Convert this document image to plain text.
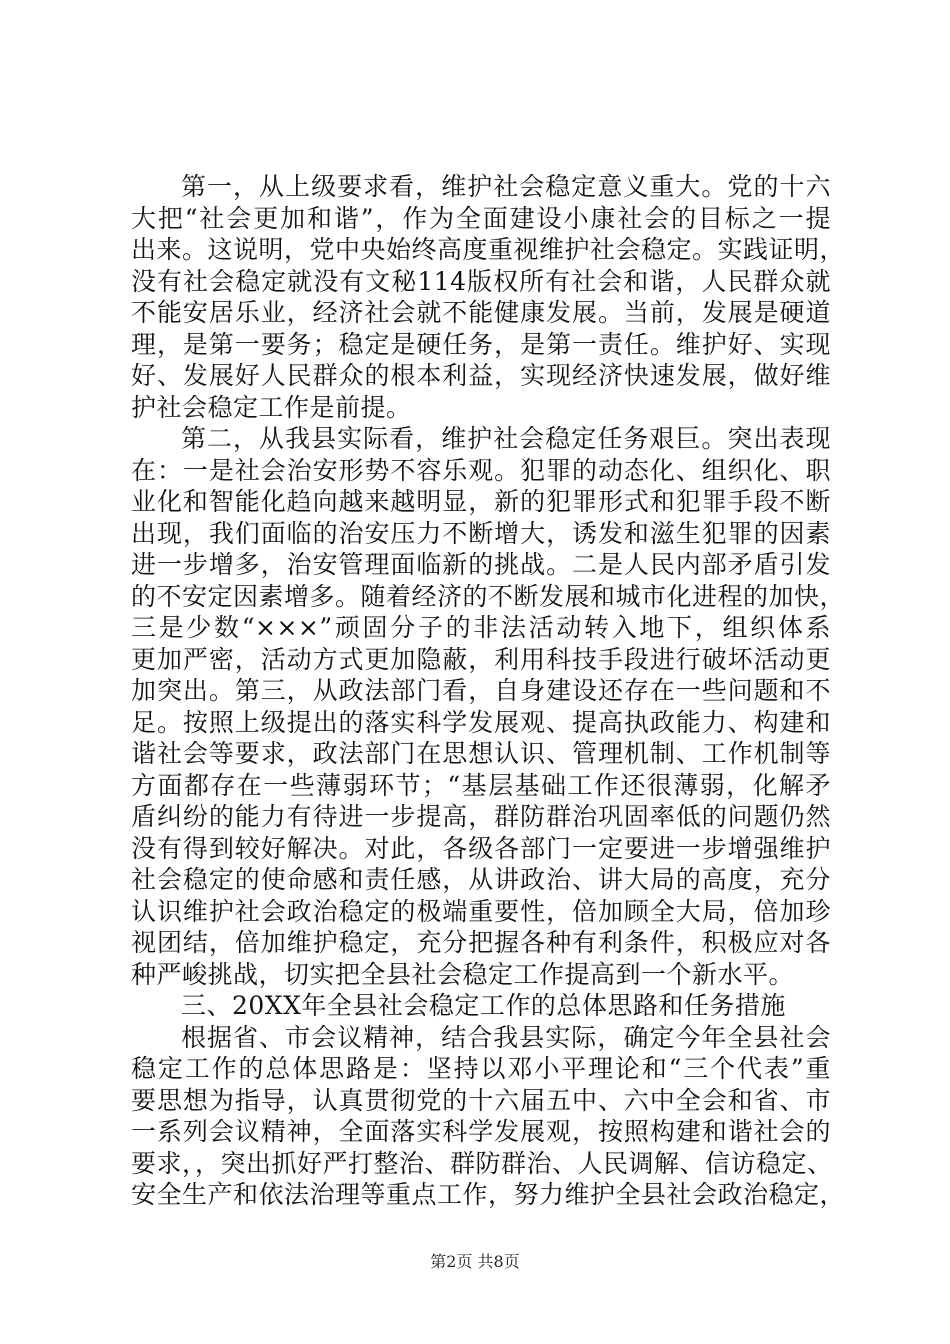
第一，从上级要求看，维护社会稳定意义重大。党的十六
大把“社会更加和谐”，作为全面建设小康社会的目标之一提
出来。这说明，党中央始终高度重视维护社会稳定。实践证明，
没有社会稳定就没有文秘114版权所有社会和谐，人民群众就
不能安居乐业，经济社会就不能健康发展。当前，发展是硬道
理，是第一要务；稳定是硬任务，是第一责任。维护好、实现
好、发展好人民群众的根本利益，实现经济快速发展，做好维
护社会稳定工作是前提。
第二，从我县实际看，维护社会稳定任务艰巨。突出表现
在：一是社会治安形势不容乐观。犯罪的动态化、组织化、职
业化和智能化趋向越来越明显，新的犯罪形式和犯罪手段不断
出现，我们面临的治安压力不断增大，诱发和滋生犯罪的因素
进一步增多，治安管理面临新的挑战。二是人民内部矛盾引发
的不安定因素增多。随着经济的不断发展和城市化进程的加快，
三是少数“×××”顽固分子的非法活动转入地下，组织体系
更加严密，活动方式更加隐蔽，利用科技手段进行破坏活动更
加突出。第三，从政法部门看，自身建设还存在一些问题和不
足。按照上级提出的落实科学发展观、提高执政能力、构建和
谐社会等要求，政法部门在思想认识、管理机制、工作机制等
方面都存在一些薄弱环节；“基层基础工作还很薄弱，化解矛
盾纠纷的能力有待进一步提高，群防群治巩固率低的问题仍然
没有得到较好解决。对此，各级各部门一定要进一步增强维护
社会稳定的使命感和责任感，从讲政治、讲大局的高度，充分
认识维护社会政治稳定的极端重要性，倍加顾全大局，倍加珍
视团结，倍加维护稳定，充分把握各种有利条件，积极应对各
种严峻挑战，切实把全县社会稳定工作提高到一个新水平。
三、20XX年全县社会稳定工作的总体思路和任务措施
根据省、市会议精神，结合我县实际，确定今年全县社会
稳定工作的总体思路是：坚持以邓小平理论和“三个代表”重
要思想为指导，认真贯彻党的十六届五中、六中全会和省、市
一系列会议精神，全面落实科学发展观，按照构建和谐社会的
要求，，突出抓好严打整治、群防群治、人民调解、信访稳定、
安全生产和依法治理等重点工作，努力维护全县社会政治稳定，
第2页 共8页
